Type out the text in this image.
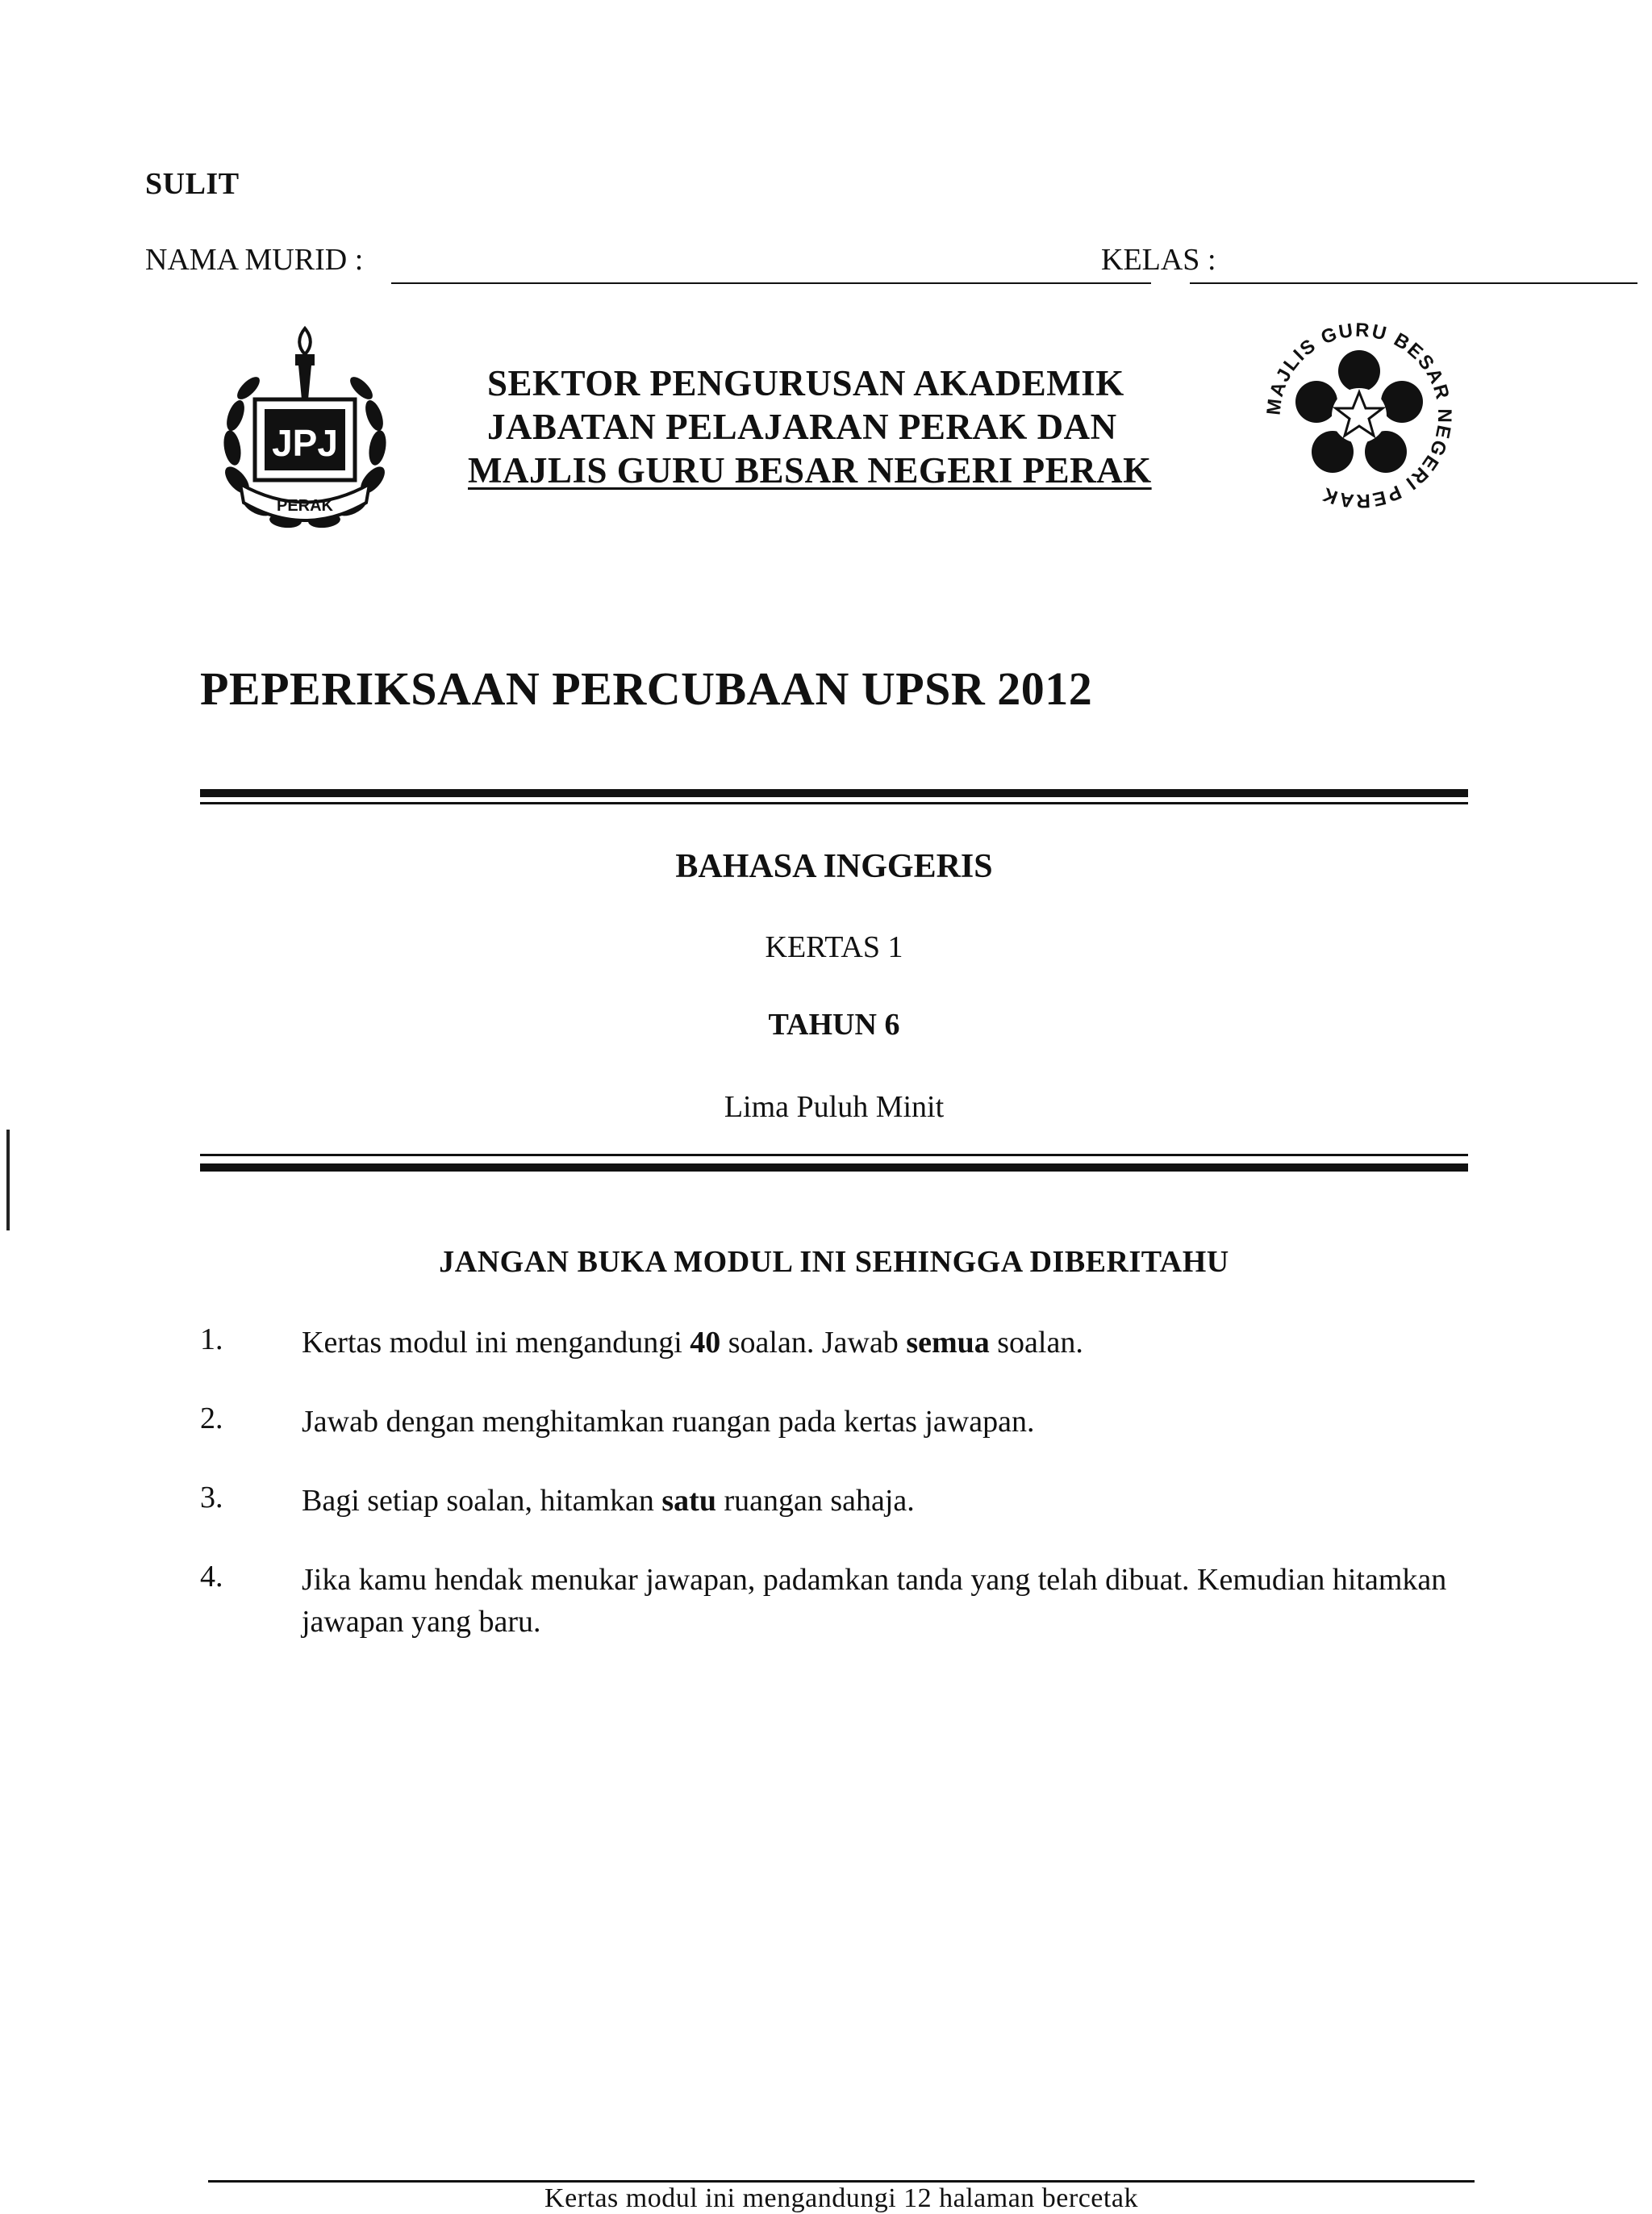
SULIT
NAMA MURID :	KELAS :
JPJ
PERAK
SEKTOR PENGURUSAN AKADEMIK
JABATAN PELAJARAN PERAK DAN
MAJLIS GURU BESAR NEGERI PERAK
MAJLIS GURU BESAR NEGERI PERAK
PEPERIKSAAN PERCUBAAN UPSR 2012
BAHASA INGGERIS
KERTAS 1
TAHUN 6
Lima Puluh Minit
JANGAN BUKA MODUL INI SEHINGGA DIBERITAHU
1.	Kertas modul ini mengandungi 40 soalan. Jawab semua soalan.
2.	Jawab dengan menghitamkan ruangan pada kertas jawapan.
3.	Bagi setiap soalan, hitamkan satu ruangan sahaja.
4.	Jika kamu hendak menukar jawapan, padamkan tanda yang telah dibuat. Kemudian hitamkan jawapan yang baru.
Kertas modul ini mengandungi 12 halaman bercetak
